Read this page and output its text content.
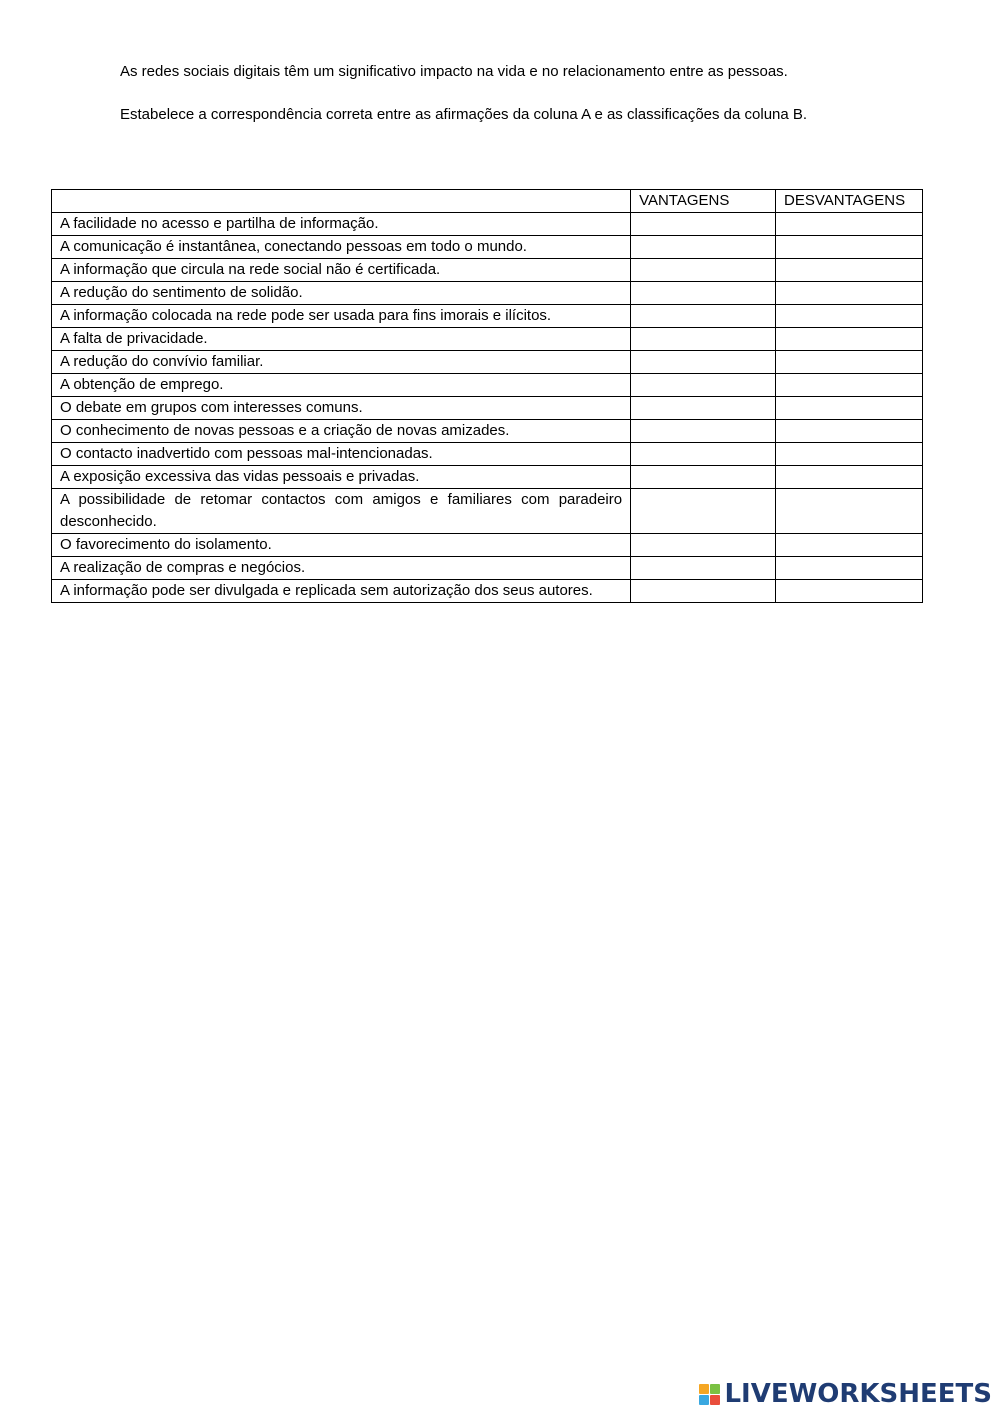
As redes sociais digitais têm um significativo impacto na vida e no relacionamento entre as pessoas.

Estabelece a correspondência correta entre as afirmações da coluna A e as classificações da coluna B.

	VANTAGENS	DESVANTAGENS
A facilidade no acesso e partilha de informação.		
A comunicação é instantânea, conectando pessoas em todo o mundo.		
A informação que circula na rede social não é certificada.		
A redução do sentimento de solidão.		
A informação colocada na rede pode ser usada para fins imorais e ilícitos.		
A falta de privacidade.		
A redução do convívio familiar.		
A obtenção de emprego.		
O debate em grupos com interesses comuns.		
O conhecimento de novas pessoas e a criação de novas amizades.		
O contacto inadvertido com pessoas mal-intencionadas.		
A exposição excessiva das vidas pessoais e privadas.		
A possibilidade de retomar contactos com amigos e familiares com paradeiro desconhecido.		
O favorecimento do isolamento.		
A realização de compras e negócios.		
A informação pode ser divulgada e replicada sem autorização dos seus autores.		
LIVEWORKSHEETS
